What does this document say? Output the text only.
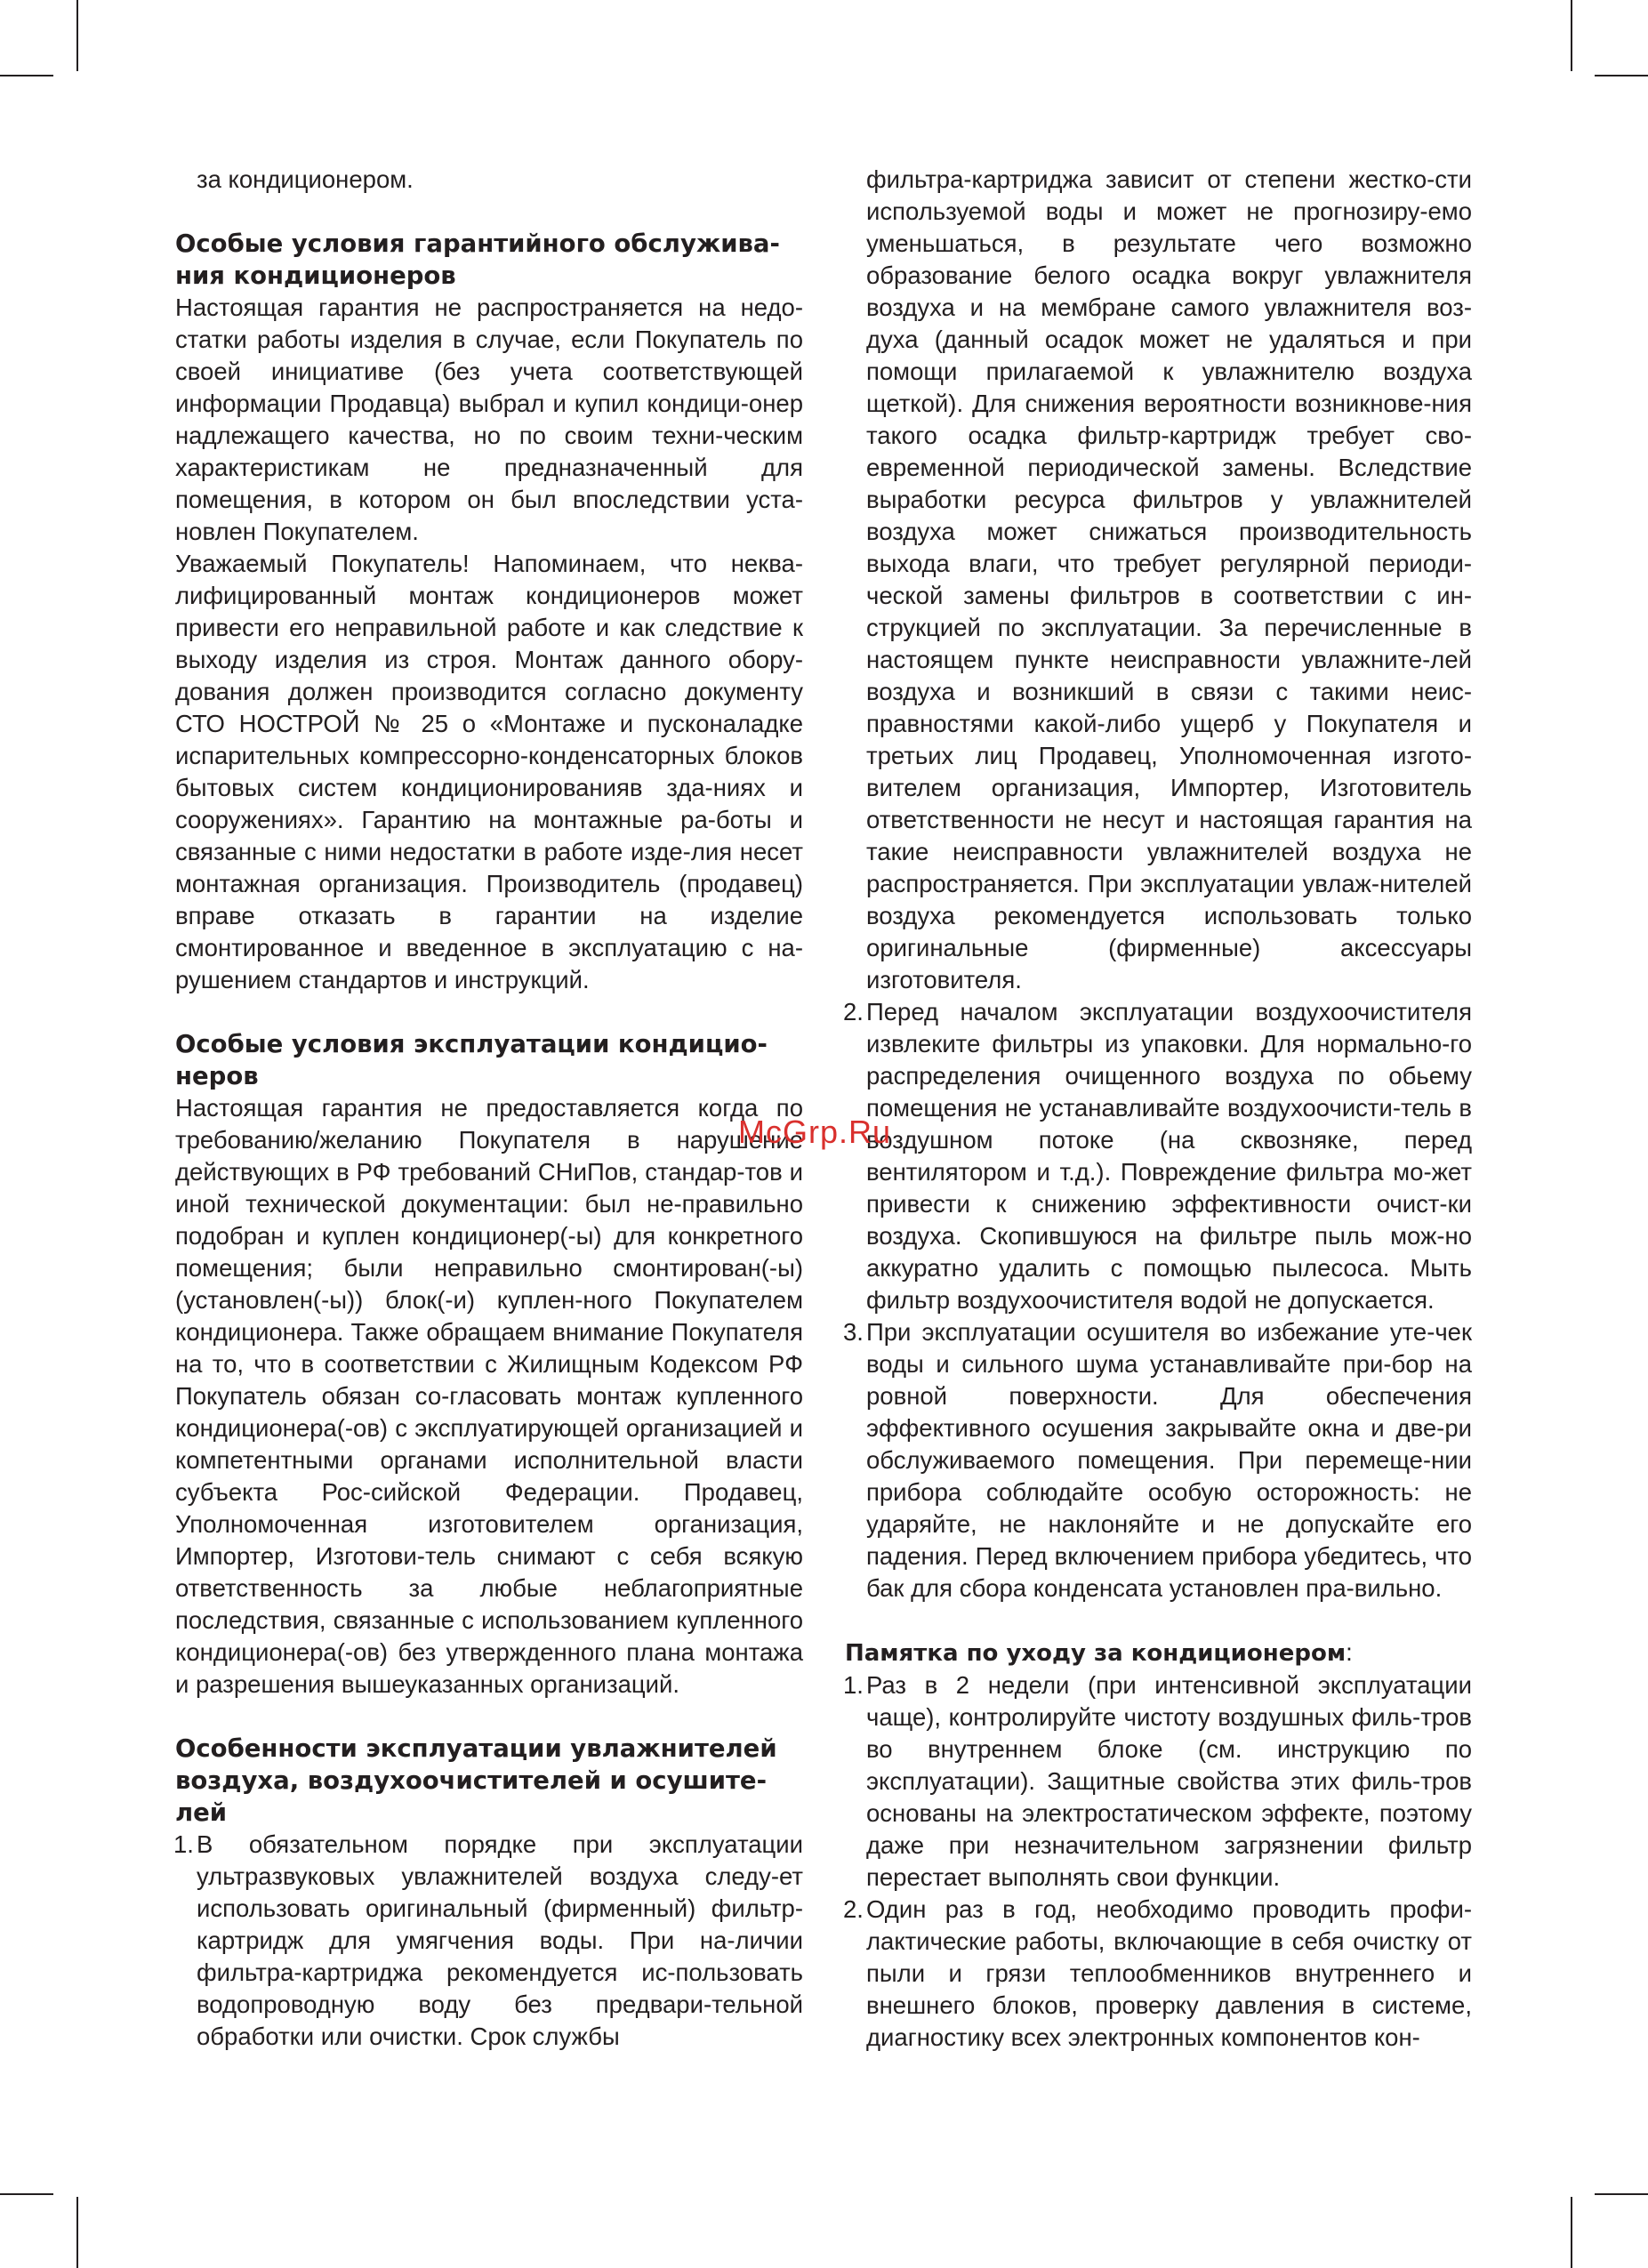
за кондиционером.

Особые условия гарантийного обслужива-ния кондиционеров

Настоящая гарантия не распространяется на недо-статки работы изделия в случае, если Покупатель по своей инициативе (без учета соответствующей информации Продавца) выбрал и купил кондици-онер надлежащего качества, но по своим техни-ческим характеристикам не предназначенный для помещения, в котором он был впоследствии уста-новлен Покупателем.

Уважаемый Покупатель! Напоминаем, что неква-лифицированный монтаж кондиционеров может привести его неправильной работе и как следствие к выходу изделия из строя. Монтаж данного обору-дования должен производится согласно документу СТО НОСТРОЙ № 25 о «Монтаже и пусконаладке испарительных компрессорно-конденсаторных блоков бытовых систем кондиционированияв зда-ниях и сооружениях». Гарантию на монтажные ра-боты и связанные с ними недостатки в работе изде-лия несет монтажная организация. Производитель (продавец) вправе отказать в гарантии на изделие смонтированное и введенное в эксплуатацию с на-рушением стандартов и инструкций.

Особые условия эксплуатации кондицио-неров

Настоящая гарантия не предоставляется когда по требованию/желанию Покупателя в нарушение действующих в РФ требований СНиПов, стандар-тов и иной технической документации: был не-правильно подобран и куплен кондиционер(-ы) для конкретного помещения; были неправильно смонтирован(-ы) (установлен(-ы)) блок(-и) куплен-ного Покупателем кондиционера. Также обращаем внимание Покупателя на то, что в соответствии с Жилищным Кодексом РФ Покупатель обязан со-гласовать монтаж купленного кондиционера(-ов) с эксплуатирующей организацией и компетентными органами исполнительной власти субъекта Рос-сийской Федерации. Продавец, Уполномоченная изготовителем организация, Импортер, Изготови-тель снимают с себя всякую ответственность за любые неблагоприятные последствия, связанные с использованием купленного кондиционера(-ов) без утвержденного плана монтажа и разрешения вышеуказанных организаций.

Особенности эксплуатации увлажнителей воздуха, воздухоочистителей и осушите-лей
1. В обязательном порядке при эксплуатации ультразвуковых увлажнителей воздуха следу-ет использовать оригинальный (фирменный) фильтр-картридж для умягчения воды. При на-личии фильтра-картриджа рекомендуется ис-пользовать водопроводную воду без предвари-тельной обработки или очистки. Срок службы

фильтра-картриджа зависит от степени жестко-сти используемой воды и может не прогнозиру-емо уменьшаться, в результате чего возможно образование белого осадка вокруг увлажнителя воздуха и на мембране самого увлажнителя воз-духа (данный осадок может не удаляться и при помощи прилагаемой к увлажнителю воздуха щеткой). Для снижения вероятности возникнове-ния такого осадка фильтр-картридж требует сво-евременной периодической замены. Вследствие выработки ресурса фильтров у увлажнителей воздуха может снижаться производительность выхода влаги, что требует регулярной периоди-ческой замены фильтров в соответствии с ин-струкцией по эксплуатации. За перечисленные в настоящем пункте неисправности увлажните-лей воздуха и возникший в связи с такими неис-правностями какой-либо ущерб у Покупателя и третьих лиц Продавец, Уполномоченная изгото-вителем организация, Импортер, Изготовитель ответственности не несут и настоящая гарантия на такие неисправности увлажнителей воздуха не распространяется. При эксплуатации увлаж-нителей воздуха рекомендуется использовать только оригинальные (фирменные) аксессуары изготовителя.

2. Перед началом эксплуатации воздухоочистителя извлеките фильтры из упаковки. Для нормально-го распределения очищенного воздуха по обьему помещения не устанавливайте воздухоочисти-тель в воздушном потоке (на сквозняке, перед вентилятором и т.д.). Повреждение фильтра мо-жет привести к снижению эффективности очист-ки воздуха. Скопившуюся на фильтре пыль мож-но аккуратно удалить с помощью пылесоса. Мыть фильтр воздухоочистителя водой не допускается.
3. При эксплуатации осушителя во избежание уте-чек воды и сильного шума устанавливайте при-бор на ровной поверхности. Для обеспечения эффективного осушения закрывайте окна и две-ри обслуживаемого помещения. При перемеще-нии прибора соблюдайте особую осторожность: не ударяйте, не наклоняйте и не допускайте его падения. Перед включением прибора убедитесь, что бак для сбора конденсата установлен пра-вильно.

Памятка по уходу за кондиционером:

1. Раз в 2 недели (при интенсивной эксплуатации чаще), контролируйте чистоту воздушных филь-тров во внутреннем блоке (см. инструкцию по эксплуатации). Защитные свойства этих филь-тров основаны на электростатическом эффекте, поэтому даже при незначительном загрязнении фильтр перестает выполнять свои функции.
2. Один раз в год, необходимо проводить профи-лактические работы, включающие в себя очистку от пыли и грязи теплообменников внутреннего и внешнего блоков, проверку давления в системе, диагностику всех электронных компонентов кон-
McGrp.Ru
